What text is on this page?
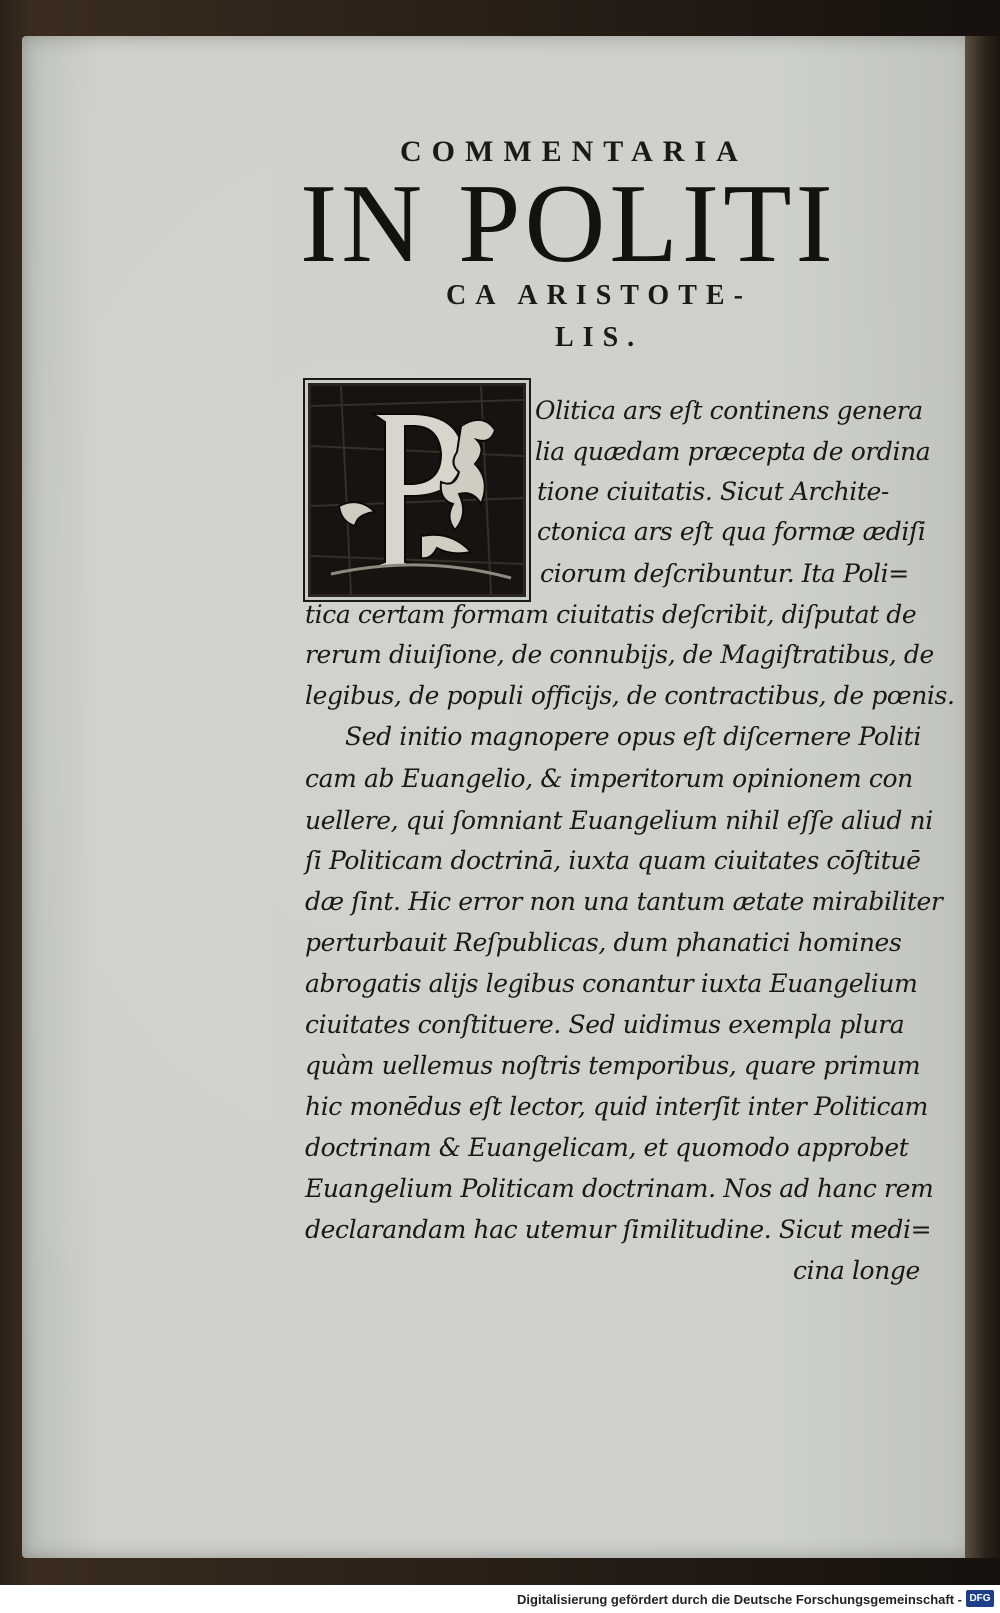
COMMENTARIA
IN POLITI
CA ARISTOTE-
LIS.
Olitica ars eſt continens genera
lia quædam præcepta de ordina
tione ciuitatis. Sicut Archite-
ctonica ars eſt qua formæ ædiſi
ciorum deſcribuntur. Ita Poli=
tica certam formam ciuitatis deſcribit, diſputat de
rerum diuiſione, de connubijs, de Magiſtratibus, de
legibus, de populi officijs, de contractibus, de pœnis.
Sed initio magnopere opus eſt diſcernere Politi
cam ab Euangelio, & imperitorum opinionem con
uellere, qui ſomniant Euangelium nihil eſſe aliud ni
ſi Politicam doctrinā, iuxta quam ciuitates cōſtituē
dæ ſint. Hic error non una tantum ætate mirabiliter
perturbauit Reſpublicas, dum phanatici homines
abrogatis alijs legibus conantur iuxta Euangelium
ciuitates conſtituere. Sed uidimus exempla plura
quàm uellemus noſtris temporibus, quare primum
hic monēdus eſt lector, quid interſit inter Politicam
doctrinam & Euangelicam, et quomodo approbet
Euangelium Politicam doctrinam. Nos ad hanc rem
declarandam hac utemur ſimilitudine. Sicut medi=
cina longe
Digitalisierung gefördert durch die Deutsche Forschungsgemeinschaft - DFG
